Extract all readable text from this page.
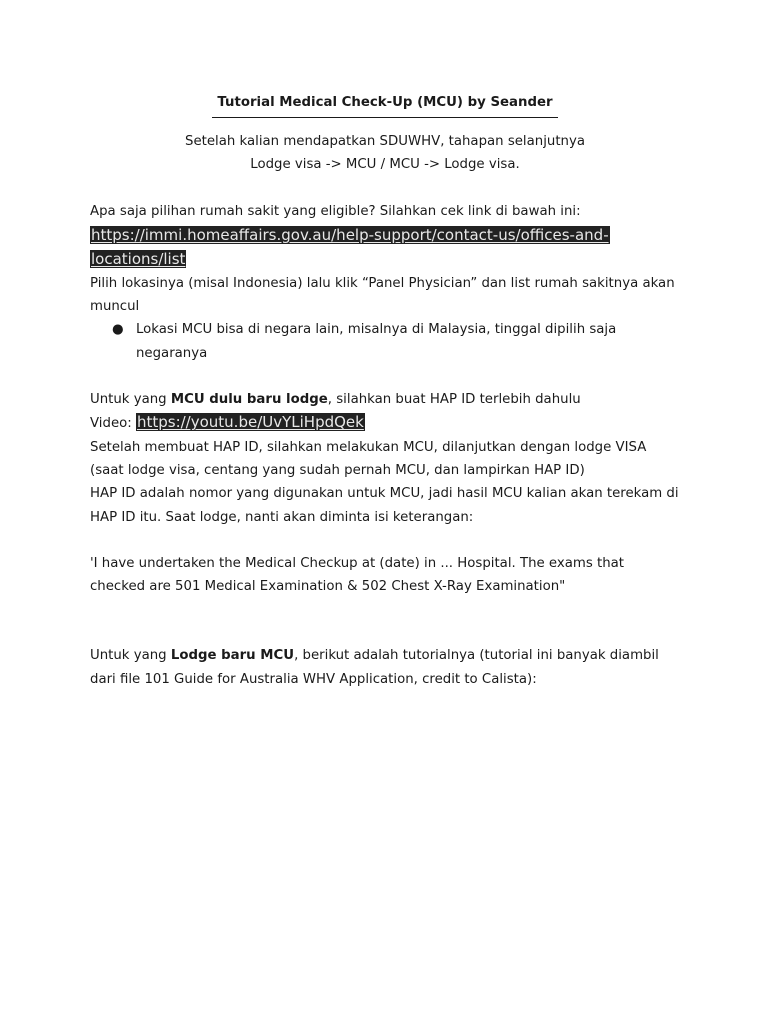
Tutorial Medical Check-Up (MCU) by Seander

Setelah kalian mendapatkan SDUWHV, tahapan selanjutnya

Lodge visa -> MCU / MCU -> Lodge visa.

Apa saja pilihan rumah sakit yang eligible? Silahkan cek link di bawah ini:

https://immi.homeaffairs.gov.au/help-support/contact-us/offices-and-
locations/list

Pilih lokasinya (misal Indonesia) lalu klik “Panel Physician” dan list rumah sakitnya akan muncul

● Lokasi MCU bisa di negara lain, misalnya di Malaysia, tinggal dipilih saja negaranya

Untuk yang MCU dulu baru lodge, silahkan buat HAP ID terlebih dahulu

Video: https://youtu.be/UvYLiHpdQek

Setelah membuat HAP ID, silahkan melakukan MCU, dilanjutkan dengan lodge VISA (saat lodge visa, centang yang sudah pernah MCU, dan lampirkan HAP ID)

HAP ID adalah nomor yang digunakan untuk MCU, jadi hasil MCU kalian akan terekam di HAP ID itu. Saat lodge, nanti akan diminta isi keterangan:

'I have undertaken the Medical Checkup at (date) in ... Hospital. The exams that checked are 501 Medical Examination & 502 Chest X-Ray Examination"

Untuk yang Lodge baru MCU, berikut adalah tutorialnya (tutorial ini banyak diambil dari file 101 Guide for Australia WHV Application, credit to Calista):
